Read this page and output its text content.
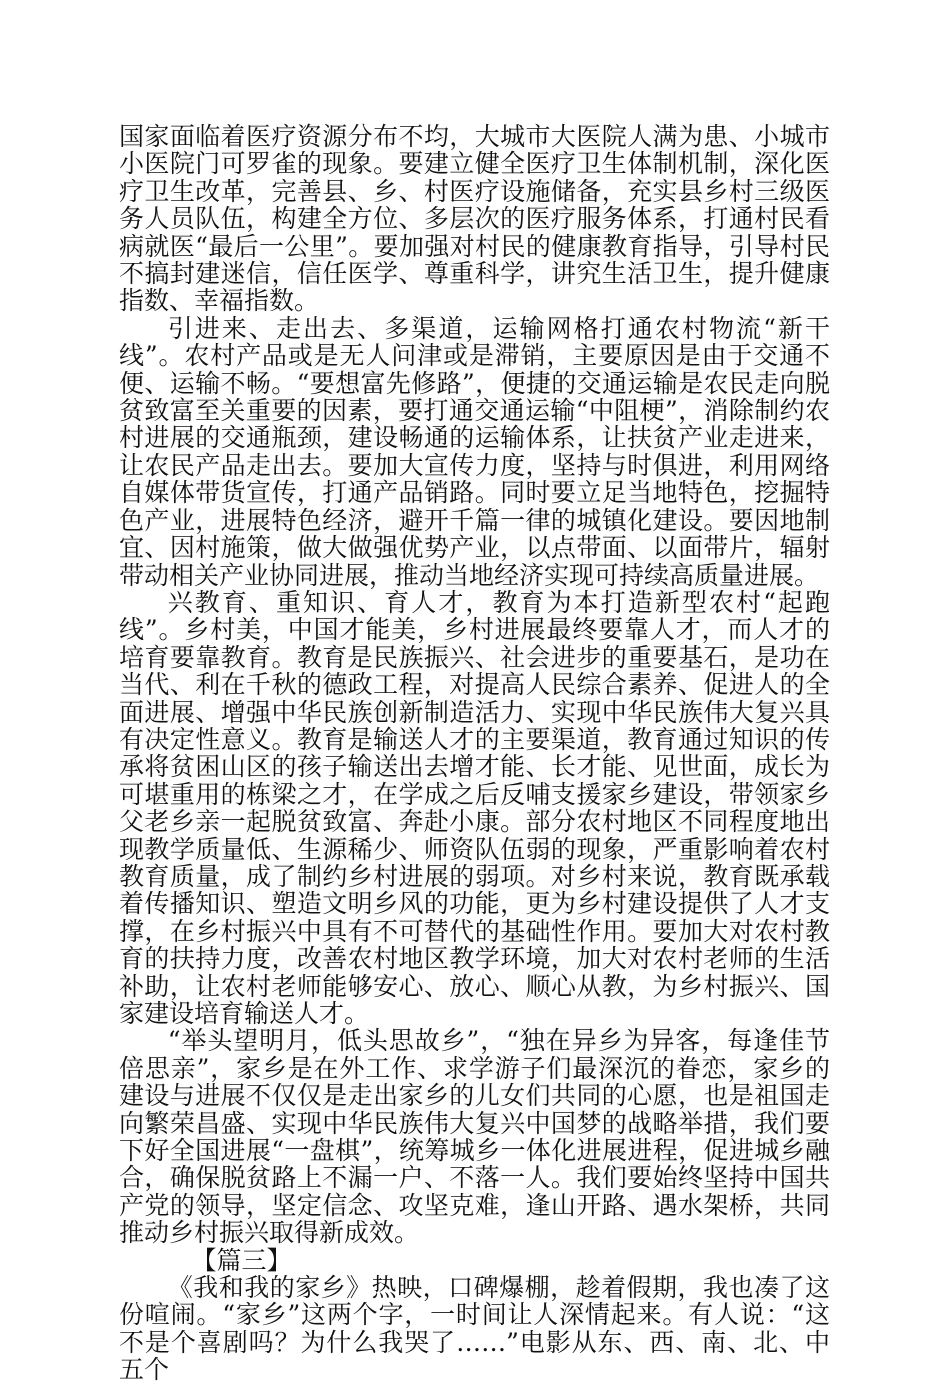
国家面临着医疗资源分布不均，大城市大医院人满为患、小城市小医院门可罗雀的现象。要建立健全医疗卫生体制机制，深化医疗卫生改革，完善县、乡、村医疗设施储备，充实县乡村三级医务人员队伍，构建全方位、多层次的医疗服务体系，打通村民看病就医“最后一公里”。要加强对村民的健康教育指导，引导村民不搞封建迷信，信任医学、尊重科学，讲究生活卫生，提升健康指数、幸福指数。

引进来、走出去、多渠道，运输网格打通农村物流“新干线”。农村产品或是无人问津或是滞销，主要原因是由于交通不便、运输不畅。“要想富先修路”，便捷的交通运输是农民走向脱贫致富至关重要的因素，要打通交通运输“中阻梗”，消除制约农村进展的交通瓶颈，建设畅通的运输体系，让扶贫产业走进来，让农民产品走出去。要加大宣传力度，坚持与时俱进，利用网络自媒体带货宣传，打通产品销路。同时要立足当地特色，挖掘特色产业，进展特色经济，避开千篇一律的城镇化建设。要因地制宜、因村施策，做大做强优势产业，以点带面、以面带片，辐射带动相关产业协同进展，推动当地经济实现可持续高质量进展。

兴教育、重知识、育人才，教育为本打造新型农村“起跑线”。乡村美，中国才能美，乡村进展最终要靠人才，而人才的培育要靠教育。教育是民族振兴、社会进步的重要基石，是功在当代、利在千秋的德政工程，对提高人民综合素养、促进人的全面进展、增强中华民族创新制造活力、实现中华民族伟大复兴具有决定性意义。教育是输送人才的主要渠道，教育通过知识的传承将贫困山区的孩子输送出去增才能、长才能、见世面，成长为可堪重用的栋梁之才，在学成之后反哺支援家乡建设，带领家乡父老乡亲一起脱贫致富、奔赴小康。部分农村地区不同程度地出现教学质量低、生源稀少、师资队伍弱的现象，严重影响着农村教育质量，成了制约乡村进展的弱项。对乡村来说，教育既承载着传播知识、塑造文明乡风的功能，更为乡村建设提供了人才支撑，在乡村振兴中具有不可替代的基础性作用。要加大对农村教育的扶持力度，改善农村地区教学环境，加大对农村老师的生活补助，让农村老师能够安心、放心、顺心从教，为乡村振兴、国家建设培育输送人才。

“举头望明月，低头思故乡”，“独在异乡为异客，每逢佳节倍思亲”，家乡是在外工作、求学游子们最深沉的眷恋，家乡的建设与进展不仅仅是走出家乡的儿女们共同的心愿，也是祖国走向繁荣昌盛、实现中华民族伟大复兴中国梦的战略举措，我们要下好全国进展“一盘棋”，统筹城乡一体化进展进程，促进城乡融合，确保脱贫路上不漏一户、不落一人。我们要始终坚持中国共产党的领导，坚定信念、攻坚克难，逢山开路、遇水架桥，共同推动乡村振兴取得新成效。

【篇三】

《我和我的家乡》热映，口碑爆棚，趁着假期，我也凑了这份喧闹。“家乡”这两个字，一时间让人深情起来。有人说：“这不是个喜剧吗？为什么我哭了……”电影从东、西、南、北、中五个
